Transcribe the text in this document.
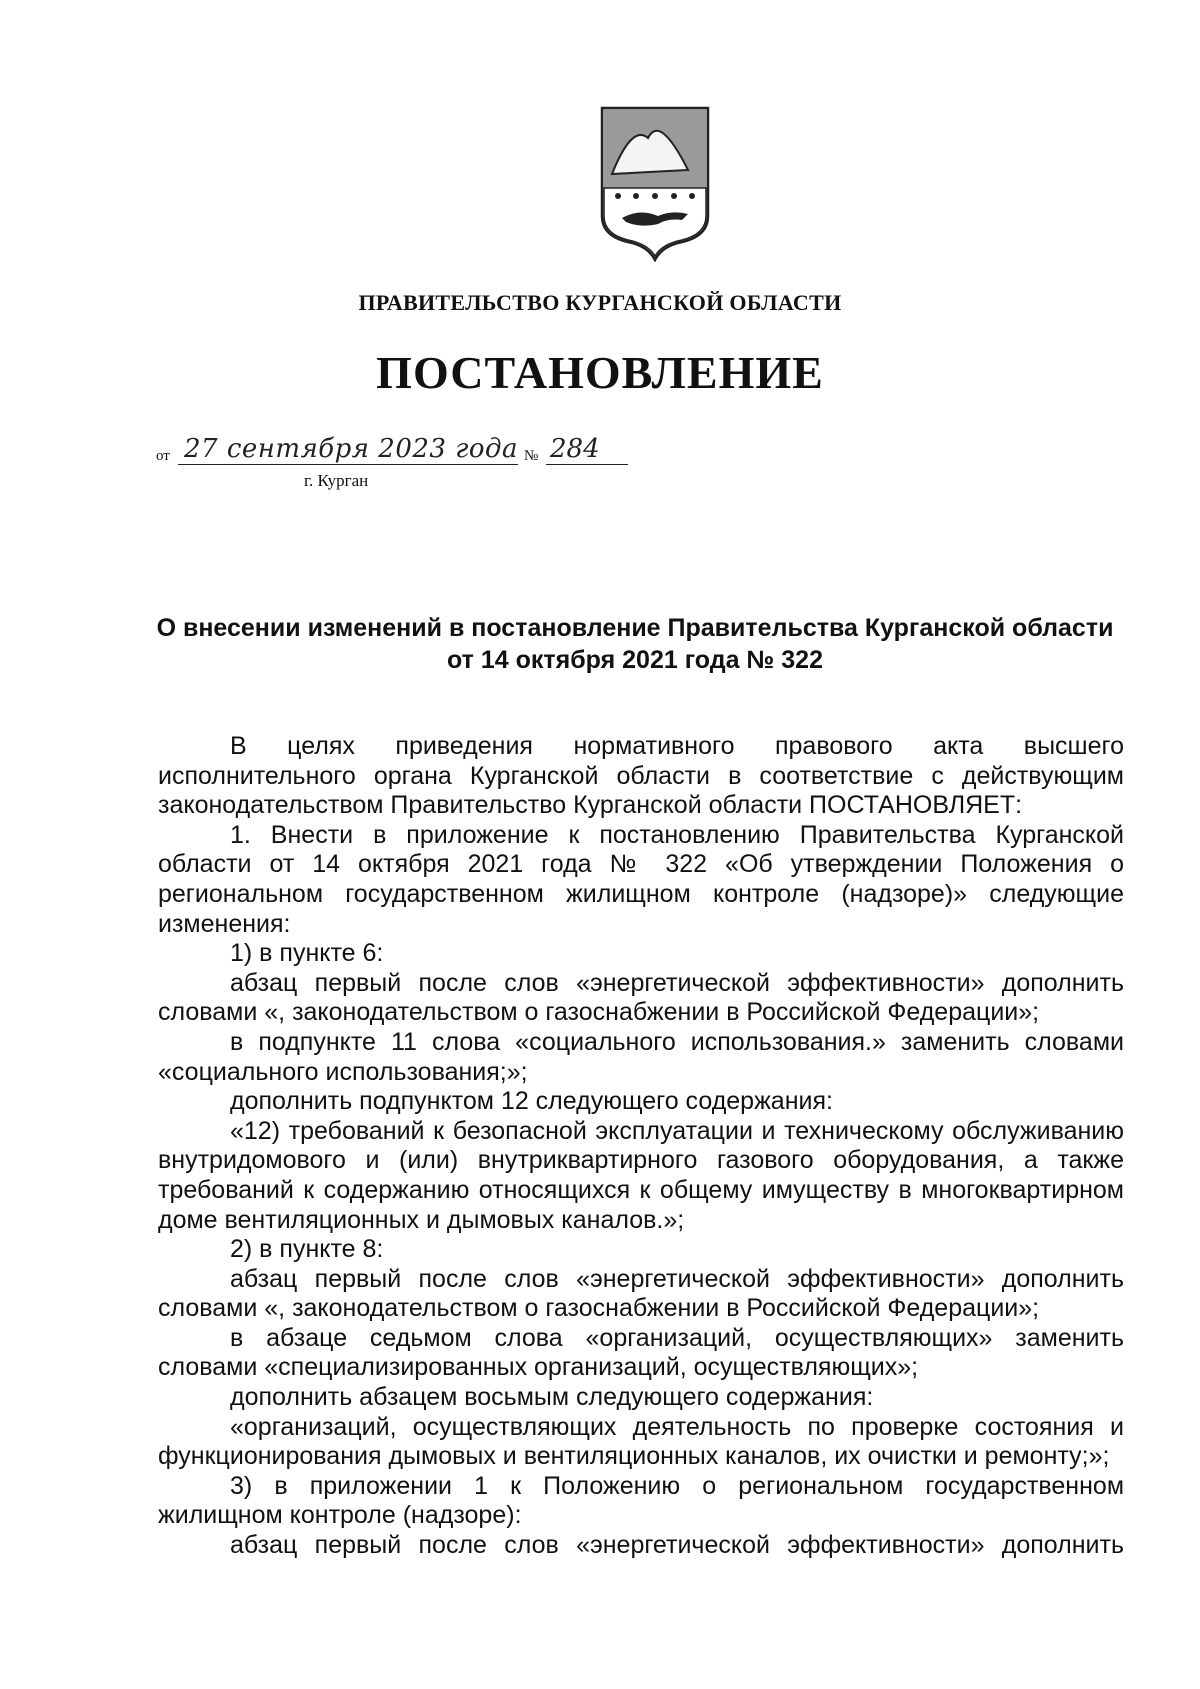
ПРАВИТЕЛЬСТВО КУРГАНСКОЙ ОБЛАСТИ
ПОСТАНОВЛЕНИЕ
от 27 сентября 2023 года № 284
г. Курган
О внесении изменений в постановление Правительства Курганской области от 14 октября 2021 года № 322

В целях приведения нормативного правового акта высшего исполнительного органа Курганской области в соответствие с действующим законодательством Правительство Курганской области ПОСТАНОВЛЯЕТ:

1. Внести в приложение к постановлению Правительства Курганской области от 14 октября 2021 года № 322 «Об утверждении Положения о региональном государственном жилищном контроле (надзоре)» следующие изменения:

1) в пункте 6:

абзац первый после слов «энергетической эффективности» дополнить словами «, законодательством о газоснабжении в Российской Федерации»;

в подпункте 11 слова «социального использования.» заменить словами «социального использования;»;

дополнить подпунктом 12 следующего содержания:

«12) требований к безопасной эксплуатации и техническому обслуживанию внутридомового и (или) внутриквартирного газового оборудования, а также требований к содержанию относящихся к общему имуществу в многоквартирном доме вентиляционных и дымовых каналов.»;

2) в пункте 8:

абзац первый после слов «энергетической эффективности» дополнить словами «, законодательством о газоснабжении в Российской Федерации»;

в абзаце седьмом слова «организаций, осуществляющих» заменить словами «специализированных организаций, осуществляющих»;

дополнить абзацем восьмым следующего содержания:

«организаций, осуществляющих деятельность по проверке состояния и функционирования дымовых и вентиляционных каналов, их очистки и ремонту;»;

3) в приложении 1 к Положению о региональном государственном жилищном контроле (надзоре):

абзац первый после слов «энергетической эффективности» дополнить
